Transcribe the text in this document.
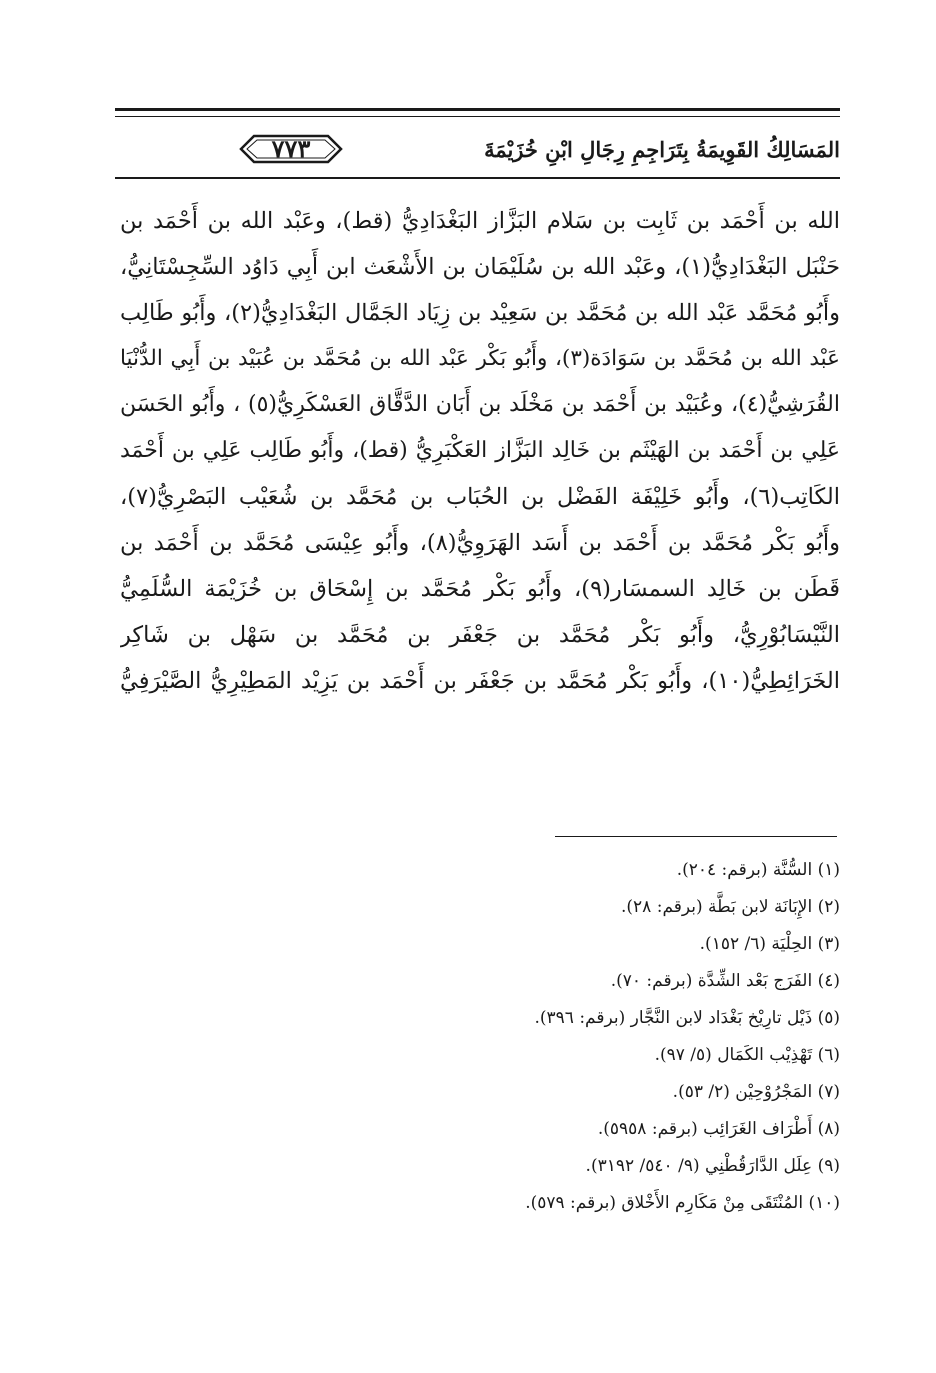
المَسَالِكُ القَوِيمَةُ بِتَرَاجِمِ رِجَالِ ابْنِ خُزَيْمَةَ
٧٧٣
الله بن أَحْمَد بن ثَابِت بن سَلام البَزَّاز البَغْدَادِيُّ (قط)، وعَبْد الله بن أَحْمَد بن
حَنْبَل البَغْدَادِيُّ(١)، وعَبْد الله بن سُلَيْمَان بن الأَشْعَث ابن أَبِي دَاوُد السِّجِسْتَانِيُّ،
وأَبُو مُحَمَّد عَبْد الله بن مُحَمَّد بن سَعِيْد بن زِيَاد الجَمَّال البَغْدَادِيُّ(٢)، وأَبُو طَالِب
عَبْد الله بن مُحَمَّد بن سَوَادَة(٣)، وأَبُو بَكْر عَبْد الله بن مُحَمَّد بن عُبَيْد بن أَبِي الدُّنْيَا
القُرَشِيُّ(٤)، وعُبَيْد بن أَحْمَد بن مَخْلَد بن أَبَان الدَّقَّاق العَسْكَرِيُّ(٥) ، وأَبُو الحَسَن
عَلِي بن أَحْمَد بن الهَيْثَم بن خَالِد البَزَّاز العَكْبَرِيُّ (قط)، وأَبُو طَالِب عَلِي بن أَحْمَد
الكَاتِب(٦)، وأَبُو خَلِيْفَة الفَضْل بن الحُبَاب بن مُحَمَّد بن شُعَيْب البَصْرِيُّ(٧)،
وأَبُو بَكْر مُحَمَّد بن أَحْمَد بن أَسَد الهَرَوِيُّ(٨)، وأَبُو عِيْسَى مُحَمَّد بن أَحْمَد بن
قَطَن بن خَالِد السمسَار(٩)، وأَبُو بَكْر مُحَمَّد بن إِسْحَاق بن خُزَيْمَة السُّلَمِيُّ
النَّيْسَابُوْرِيُّ، وأَبُو بَكْر مُحَمَّد بن جَعْفَر بن مُحَمَّد بن سَهْل بن شَاكِر
الخَرَائِطِيُّ(١٠)، وأَبُو بَكْر مُحَمَّد بن جَعْفَر بن أَحْمَد بن يَزِيْد المَطِيْرِيُّ الصَّيْرَفِيُّ
(١) السُّنَّة (برقم: ٢٠٤).
(٢) الإِبَانَة لابن بَطَّة (برقم: ٢٨).
(٣) الحِلْيَة (٦/ ١٥٢).
(٤) الفَرَج بَعْد الشِّدَّة (برقم: ٧٠).
(٥) ذَيْل تارِيْخ بَغْدَاد لابن النَّجَّار (برقم: ٣٩٦).
(٦) تَهْذِيْب الكَمَال (٥/ ٩٧).
(٧) المَجْرُوْحِيْن (٢/ ٥٣).
(٨) أَطْرَاف الغَرَائِب (برقم: ٥٩٥٨).
(٩) عِلَل الدَّارَقُطْنِي (٩/ ٥٤٠/ ٣١٩٢).
(١٠) المُنْتَقَى مِنْ مَكَارِم الأَخْلاق (برقم: ٥٧٩).
